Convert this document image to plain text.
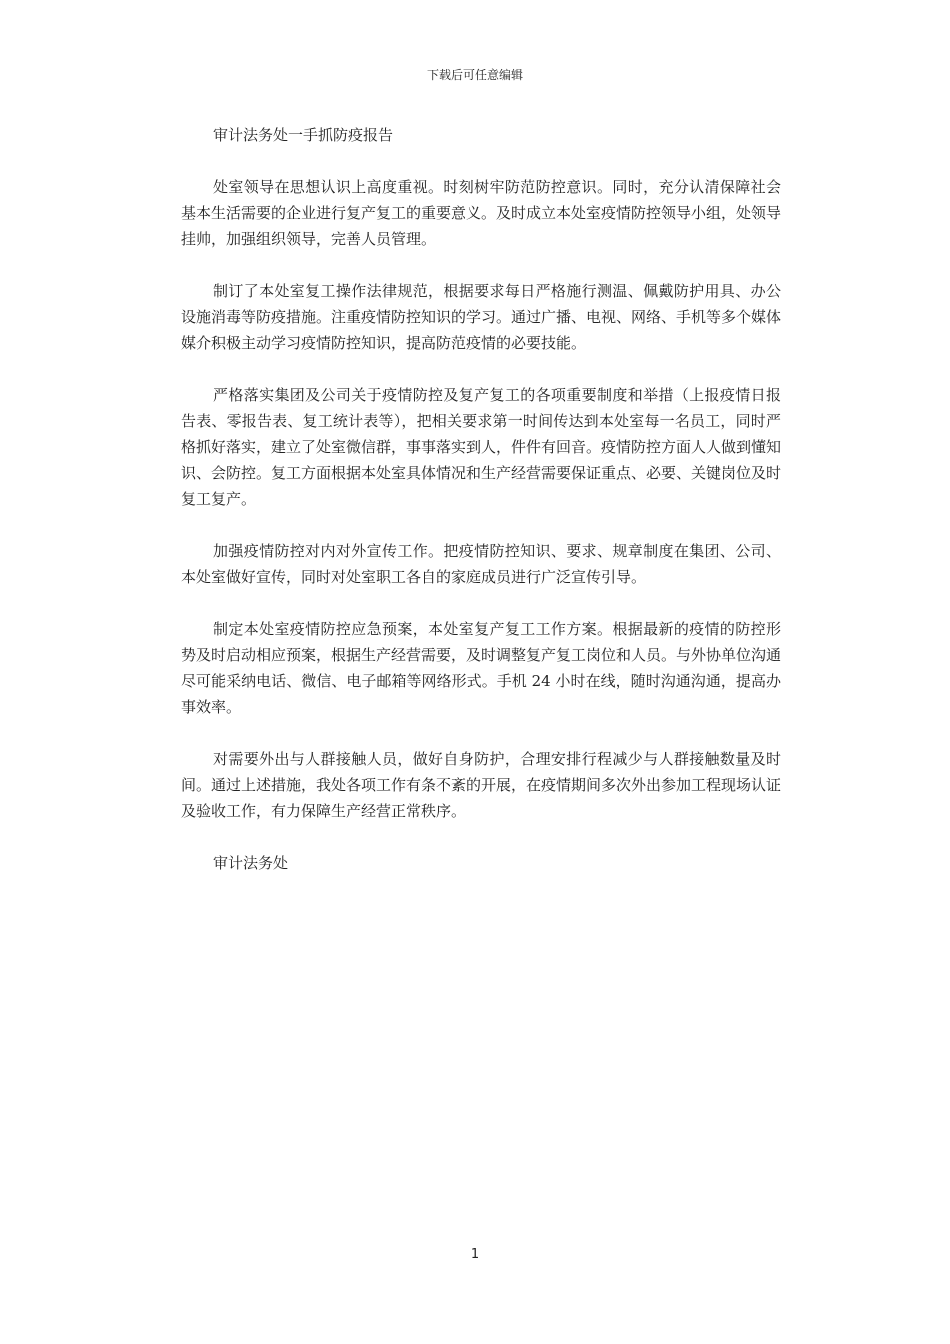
下载后可任意编辑

审计法务处一手抓防疫报告

处室领导在思想认识上高度重视。时刻树牢防范防控意识。同时，充分认清保障社会基本生活需要的企业进行复产复工的重要意义。及时成立本处室疫情防控领导小组，处领导挂帅，加强组织领导，完善人员管理。

制订了本处室复工操作法律规范，根据要求每日严格施行测温、佩戴防护用具、办公设施消毒等防疫措施。注重疫情防控知识的学习。通过广播、电视、网络、手机等多个媒体媒介积极主动学习疫情防控知识，提高防范疫情的必要技能。

严格落实集团及公司关于疫情防控及复产复工的各项重要制度和举措（上报疫情日报告表、零报告表、复工统计表等），把相关要求第一时间传达到本处室每一名员工，同时严格抓好落实，建立了处室微信群，事事落实到人，件件有回音。疫情防控方面人人做到懂知识、会防控。复工方面根据本处室具体情况和生产经营需要保证重点、必要、关键岗位及时复工复产。

加强疫情防控对内对外宣传工作。把疫情防控知识、要求、规章制度在集团、公司、本处室做好宣传，同时对处室职工各自的家庭成员进行广泛宣传引导。

制定本处室疫情防控应急预案，本处室复产复工工作方案。根据最新的疫情的防控形势及时启动相应预案，根据生产经营需要，及时调整复产复工岗位和人员。与外协单位沟通尽可能采纳电话、微信、电子邮箱等网络形式。手机 24 小时在线，随时沟通沟通，提高办事效率。

对需要外出与人群接触人员，做好自身防护，合理安排行程减少与人群接触数量及时间。通过上述措施，我处各项工作有条不紊的开展，在疫情期间多次外出参加工程现场认证及验收工作，有力保障生产经营正常秩序。

审计法务处

1
